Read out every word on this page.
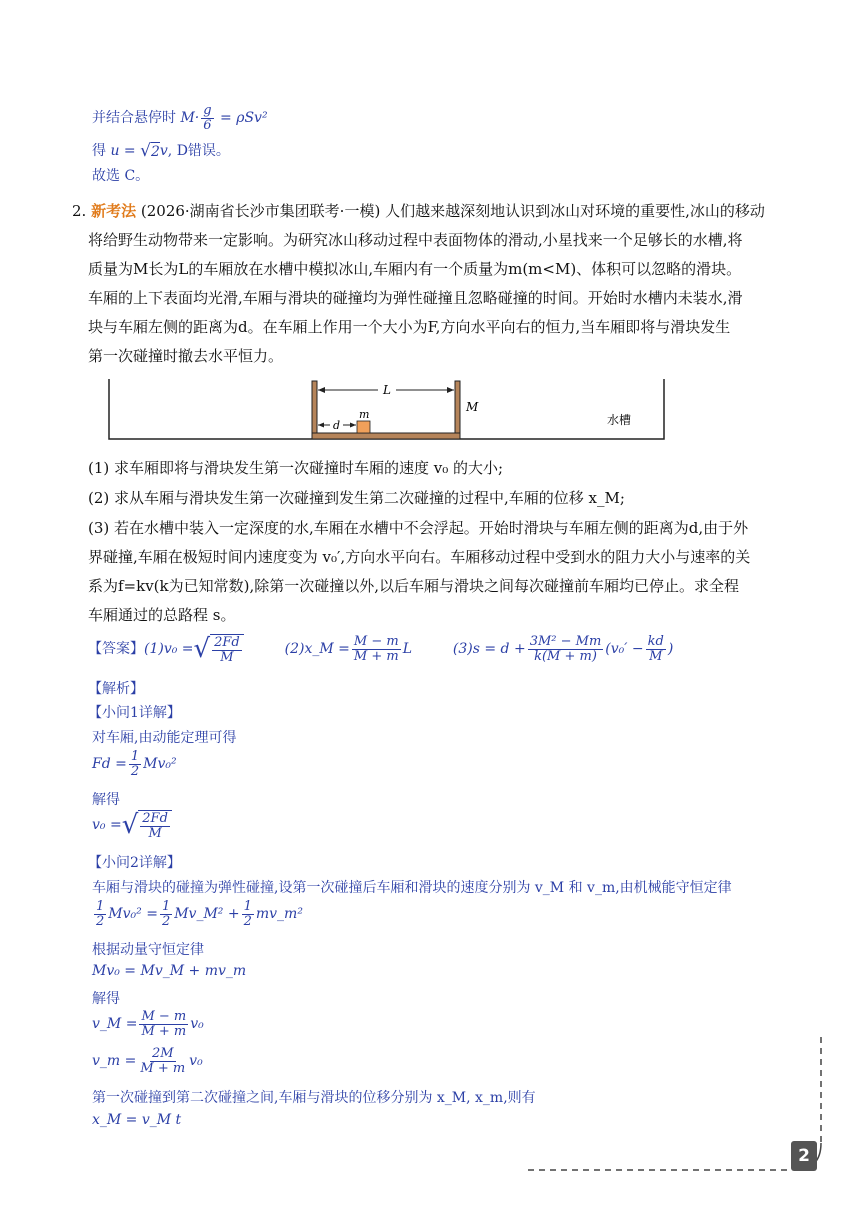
并结合悬停时 $M\cdot \frac{g}{6} = \rho Sv^2$
得 u = √ 2 v, D错误。
故选 C。
2. 新考法 (2026·湖南省长沙市集团联考·一模) 人们越来越深刻地认识到冰山对环境的重要性,冰山的移动
将给野生动物带来一定影响。为研究冰山移动过程中表面物体的滑动,小星找来一个足够长的水槽,将
质量为M长为L的车厢放在水槽中模拟冰山,车厢内有一个质量为m(m<M)、体积可以忽略的滑块。
车厢的上下表面均光滑,车厢与滑块的碰撞均为弹性碰撞且忽略碰撞的时间。开始时水槽内未装水,滑
块与车厢左侧的距离为d。在车厢上作用一个大小为F,方向水平向右的恒力,当车厢即将与滑块发生
第一次碰撞时撤去水平恒力。
L
d
m
M
水槽
(1) 求车厢即将与滑块发生第一次碰撞时车厢的速度 v₀ 的大小;
(2) 求从车厢与滑块发生第一次碰撞到发生第二次碰撞的过程中,车厢的位移 x_M;
(3) 若在水槽中装入一定深度的水,车厢在水槽中不会浮起。开始时滑块与车厢左侧的距离为d,由于外
界碰撞,车厢在极短时间内速度变为 v₀′,方向水平向右。车厢移动过程中受到水的阻力大小与速率的关
系为f=kv(k为已知常数),除第一次碰撞以外,以后车厢与滑块之间每次碰撞前车厢均已停止。求全程
车厢通过的总路程 s。
【答案】(1)v₀ = √ $\frac{2Fd}{M}$	(2)x_M = $\frac{M - m}{M + m}$ L	$(3)s = d + \frac{\text{3M² − Mm}}{k(M + m)} (v_0' - \frac{kd}{M}$ )
【解析】
【小问1详解】
对车厢,由动能定理可得
$Fd = \frac{1}{2} Mv_0^2$
解得
v₀ = √ $\frac{2Fd}{M}$
【小问2详解】
车厢与滑块的碰撞为弹性碰撞,设第一次碰撞后车厢和滑块的速度分别为 v_M 和 v_m,由机械能守恒定律
$\frac{1}{2} Mv_0^2 = \frac{1}{2}$ Mv_M² + $\frac{1}{2}$ mv_m²
根据动量守恒定律
Mv₀ = Mv_M + mv_m
解得
v_M = $\frac{M - m}{M + m} v_0$
v_m = $\frac{2M}{M + m} v_0$
第一次碰撞到第二次碰撞之间,车厢与滑块的位移分别为 x_M, x_m,则有
x_M = v_M t
2
